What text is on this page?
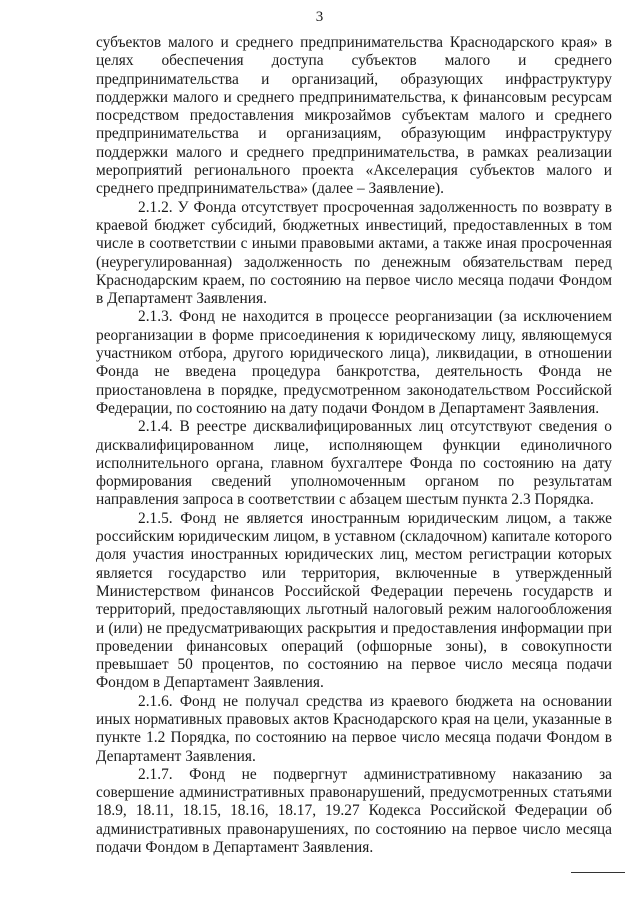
3

субъектов малого и среднего предпринимательства Краснодарского края» в целях обеспечения доступа субъектов малого и среднего предпринимательства и организаций, образующих инфраструктуру поддержки малого и среднего предпринимательства, к финансовым ресурсам посредством предоставления микрозаймов субъектам малого и среднего предпринимательства и организациям, образующим инфраструктуру поддержки малого и среднего предпринимательства, в рамках реализации мероприятий регионального проекта «Акселерация субъектов малого и среднего предпринимательства» (далее – Заявление).

2.1.2. У Фонда отсутствует просроченная задолженность по возврату в краевой бюджет субсидий, бюджетных инвестиций, предоставленных в том числе в соответствии с иными правовыми актами, а также иная просроченная (неурегулированная) задолженность по денежным обязательствам перед Краснодарским краем, по состоянию на первое число месяца подачи Фондом в Департамент Заявления.

2.1.3. Фонд не находится в процессе реорганизации (за исключением реорганизации в форме присоединения к юридическому лицу, являющемуся участником отбора, другого юридического лица), ликвидации, в отношении Фонда не введена процедура банкротства, деятельность Фонда не приостановлена в порядке, предусмотренном законодательством Российской Федерации, по состоянию на дату подачи Фондом в Департамент Заявления.

2.1.4. В реестре дисквалифицированных лиц отсутствуют сведения о дисквалифицированном лице, исполняющем функции единоличного исполнительного органа, главном бухгалтере Фонда по состоянию на дату формирования сведений уполномоченным органом по результатам направления запроса в соответствии с абзацем шестым пункта 2.3 Порядка.

2.1.5. Фонд не является иностранным юридическим лицом, а также российским юридическим лицом, в уставном (складочном) капитале которого доля участия иностранных юридических лиц, местом регистрации которых является государство или территория, включенные в утвержденный Министерством финансов Российской Федерации перечень государств и территорий, предоставляющих льготный налоговый режим налогообложения и (или) не предусматривающих раскрытия и предоставления информации при проведении финансовых операций (офшорные зоны), в совокупности превышает 50 процентов, по состоянию на первое число месяца подачи Фондом в Департамент Заявления.

2.1.6. Фонд не получал средства из краевого бюджета на основании иных нормативных правовых актов Краснодарского края на цели, указанные в пункте 1.2 Порядка, по состоянию на первое число месяца подачи Фондом в Департамент Заявления.

2.1.7. Фонд не подвергнут административному наказанию за совершение административных правонарушений, предусмотренных статьями 18.9, 18.11, 18.15, 18.16, 18.17, 19.27 Кодекса Российской Федерации об административных правонарушениях, по состоянию на первое число месяца подачи Фондом в Департамент Заявления.
